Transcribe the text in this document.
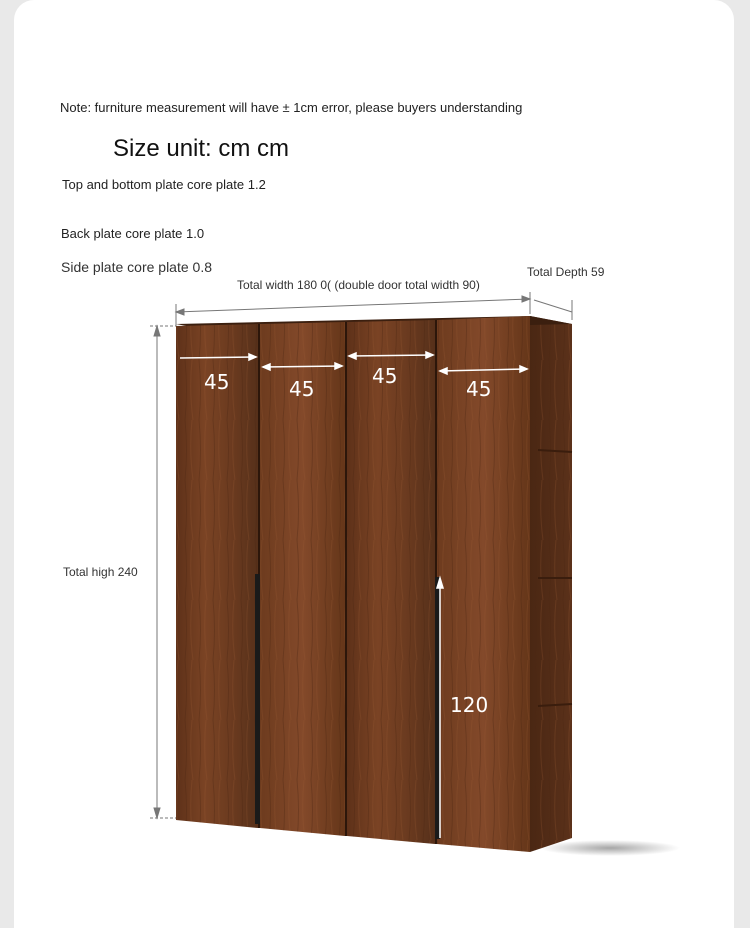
Note: furniture measurement will have ± 1cm error, please buyers understanding
Size unit: cm cm
Top and bottom plate core plate 1.2
Back plate core plate 1.0
Side plate core plate 0.8
Total width 180 0( (double door total width 90)
Total Depth 59
Total high 240
45	45
45
45
120
